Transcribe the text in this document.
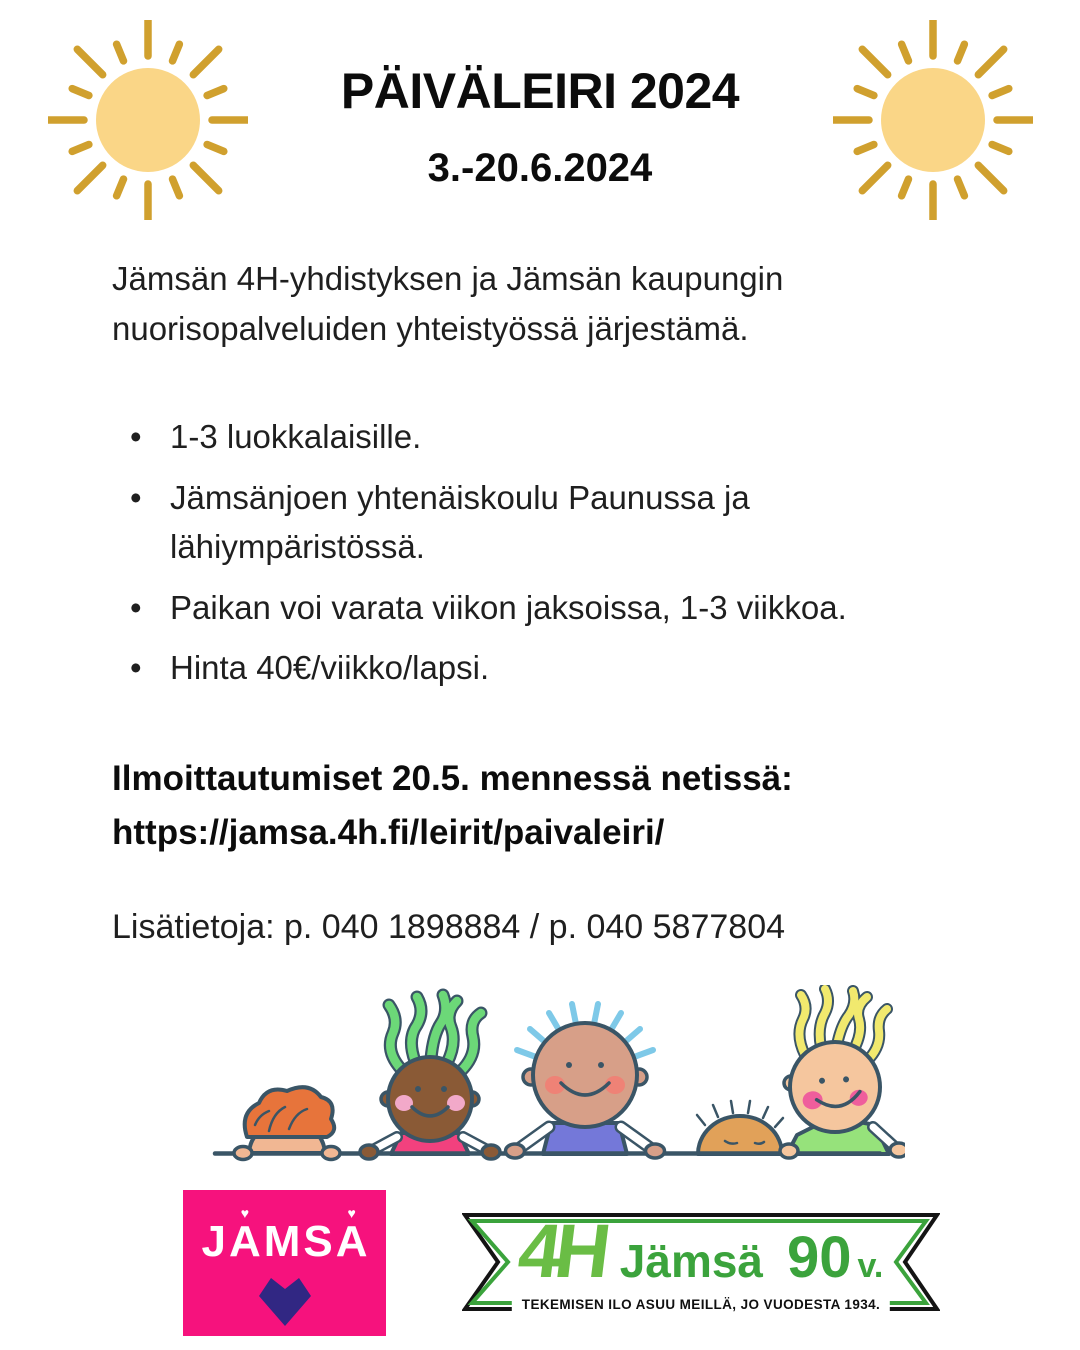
PÄIVÄLEIRI 2024
3.-20.6.2024
Jämsän 4H-yhdistyksen ja Jämsän kaupungin nuorisopalveluiden yhteistyössä järjestämä.
• 1-3 luokkalaisille.
• Jämsänjoen yhtenäiskoulu Paunussa ja lähiympäristössä.
• Paikan voi varata viikon jaksoissa, 1-3 viikkoa.
• Hinta 40€/viikko/lapsi.
Ilmoittautumiset 20.5. mennessä netissä:
https://jamsa.4h.fi/leirit/paivaleiri/
Lisätietoja: p. 040 1898884 / p. 040 5877804
J A
♥
M S A
♥ 4H Jämsä 90 v.
TEKEMISEN ILO ASUU MEILLÄ, JO VUODESTA 1934.
